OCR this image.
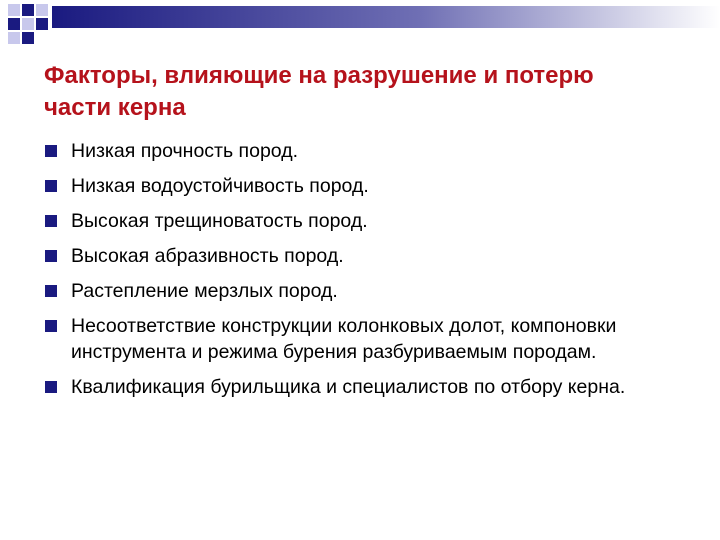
Факторы, влияющие на разрушение и потерю части керна
Низкая прочность пород.
Низкая водоустойчивость пород.
Высокая трещиноватость пород.
Высокая абразивность пород.
Растепление мерзлых пород.
Несоответствие конструкции колонковых долот, компоновки инструмента и режима бурения разбуриваемым породам.
Квалификация бурильщика и специалистов по отбору керна.
